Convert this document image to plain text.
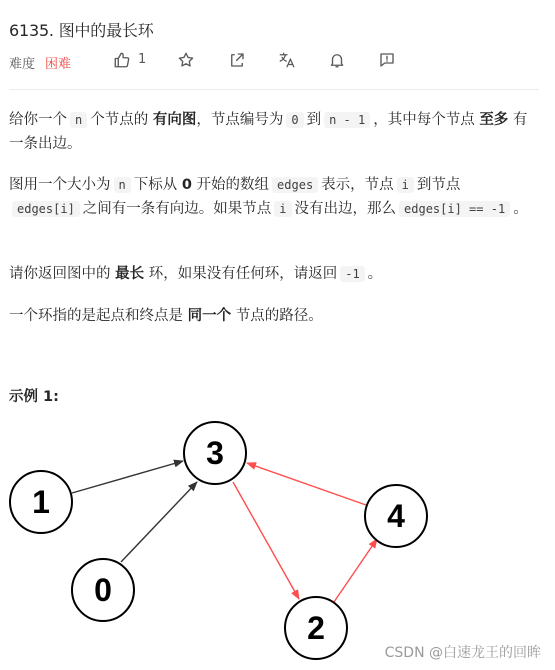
6135. 图中的最长环
难度 困难	1
给你一个 n 个节点的 有向图，节点编号为 0 到 n - 1 ，其中每个节点 至多 有一条出边。
图用一个大小为 n 下标从 0 开始的数组 edges 表示，节点 i 到节点edges[i] 之间有一条有向边。如果节点 i 没有出边，那么 edges[i] == -1 。
请你返回图中的 最长 环，如果没有任何环，请返回 -1 。
一个环指的是起点和终点是 同一个 节点的路径。
示例 1:
3
1	4
0
2
CSDN @白速龙王的回眸
